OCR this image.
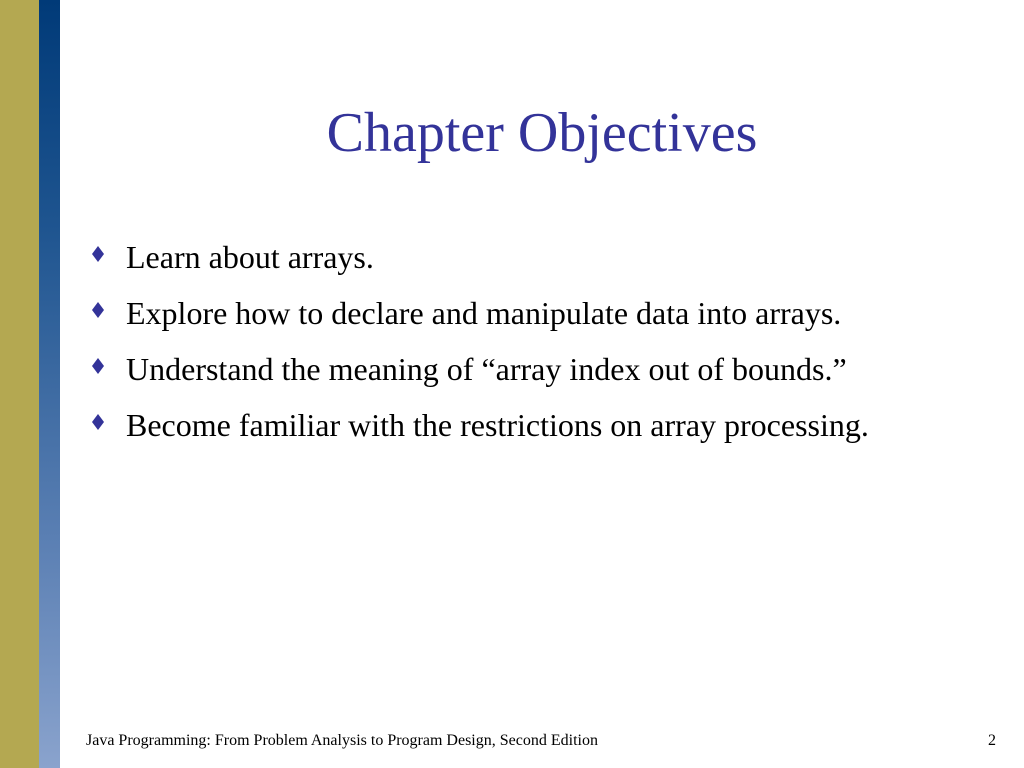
Chapter Objectives
Learn about arrays.
Explore how to declare and manipulate data into arrays.
Understand the meaning of “array index out of bounds.”
Become familiar with the restrictions on array processing.
Java Programming: From Problem Analysis to Program Design, Second Edition	2
